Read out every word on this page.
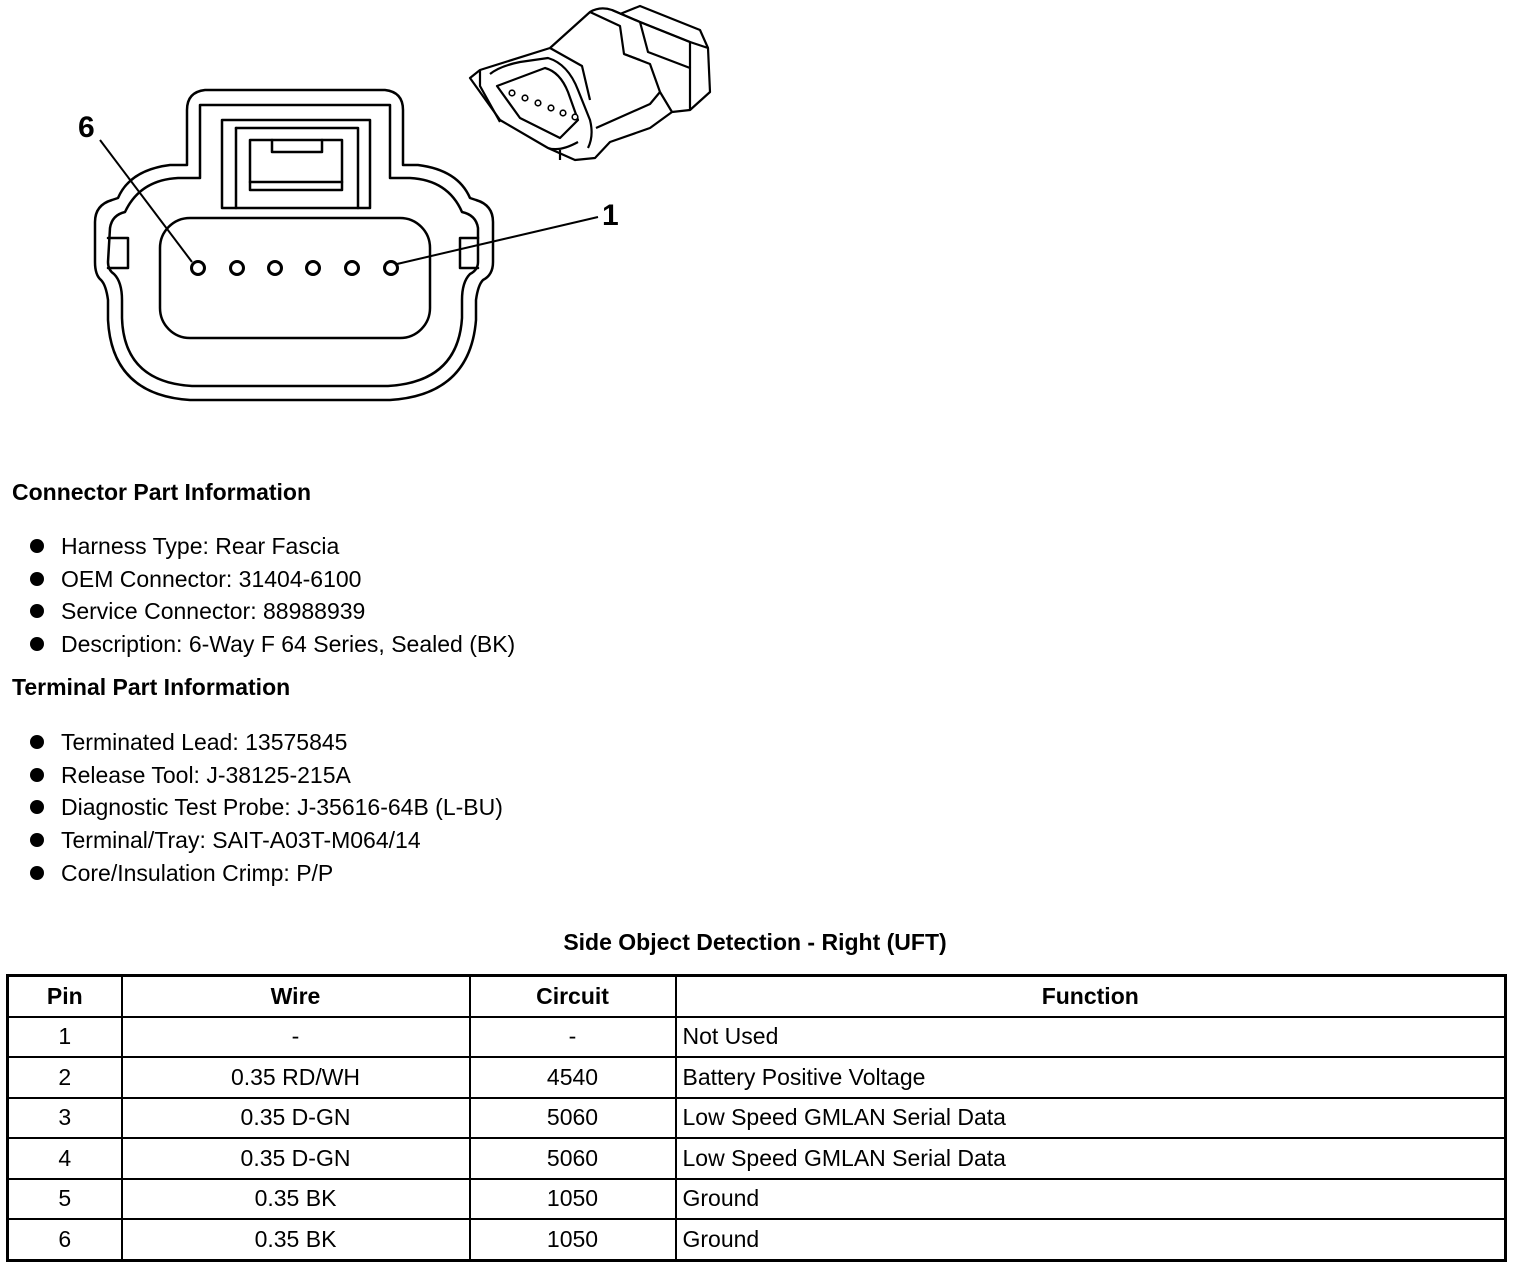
6
1
Connector Part Information
Harness Type: Rear Fascia
OEM Connector: 31404-6100
Service Connector: 88988939
Description: 6-Way F 64 Series, Sealed (BK)
Terminal Part Information
Terminated Lead: 13575845
Release Tool: J-38125-215A
Diagnostic Test Probe: J-35616-64B (L-BU)
Terminal/Tray: SAIT-A03T-M064/14
Core/Insulation Crimp: P/P
Side Object Detection - Right (UFT)
Pin	Wire	Circuit	Function
1	-	-	Not Used
2	0.35 RD/WH	4540	Battery Positive Voltage
3	0.35 D-GN	5060	Low Speed GMLAN Serial Data
4	0.35 D-GN	5060	Low Speed GMLAN Serial Data
5	0.35 BK	1050	Ground
6	0.35 BK	1050	Ground
